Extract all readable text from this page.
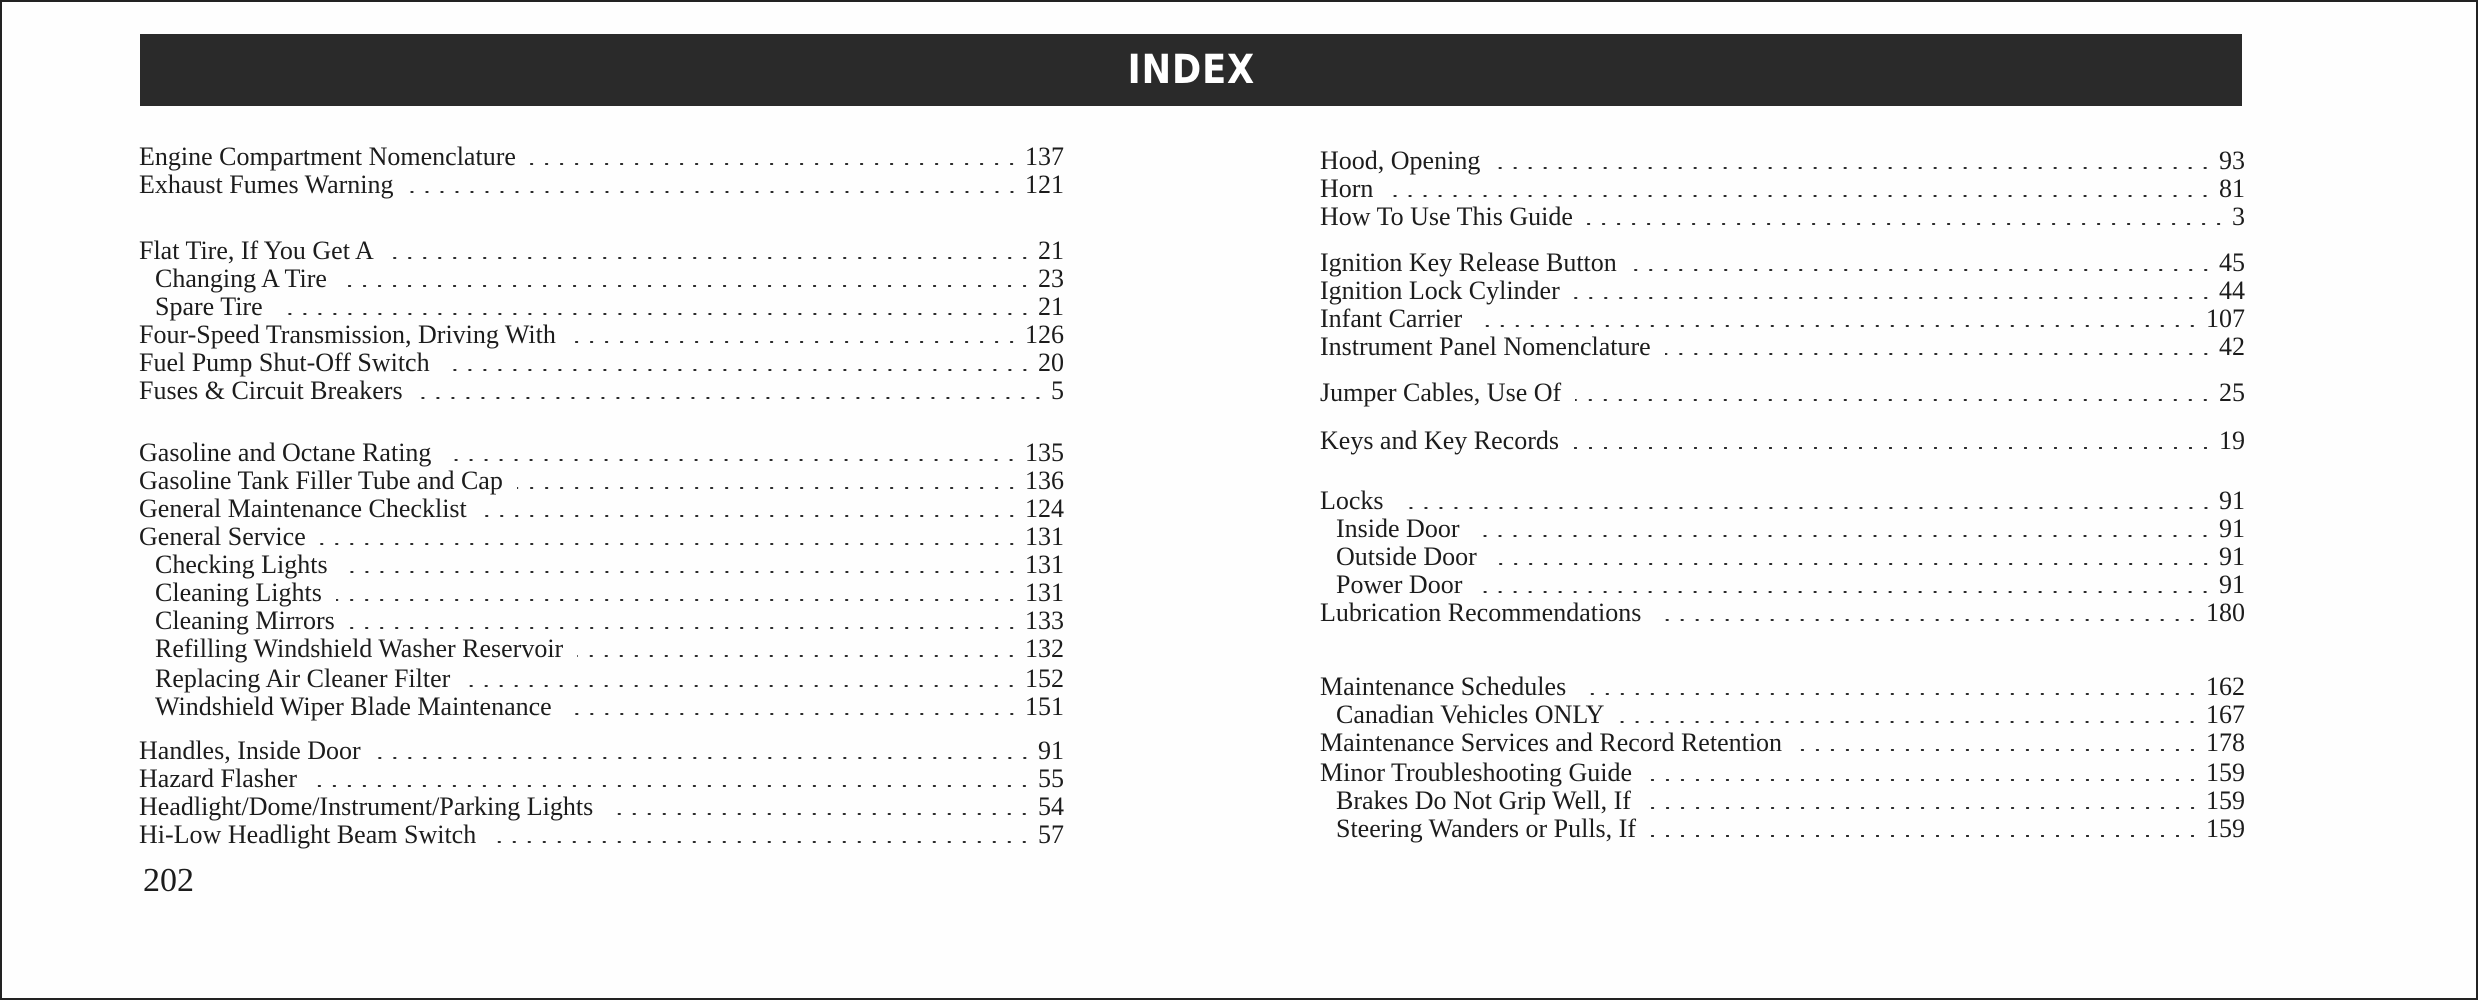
INDEX
Engine Compartment Nomenclature	137
Exhaust Fumes Warning	121
Flat Tire, If You Get A	21
Changing A Tire	23
Spare Tire	21
Four-Speed Transmission, Driving With	126
Fuel Pump Shut-Off Switch	20
Fuses & Circuit Breakers	5
Gasoline and Octane Rating	135
Gasoline Tank Filler Tube and Cap	136
General Maintenance Checklist	124
General Service	131
Checking Lights	131
Cleaning Lights	131
Cleaning Mirrors	133
Refilling Windshield Washer Reservoir	132
Replacing Air Cleaner Filter	152
Windshield Wiper Blade Maintenance	151
Handles, Inside Door	91
Hazard Flasher	55
Headlight/Dome/Instrument/Parking Lights	54
Hi-Low Headlight Beam Switch	57
Hood, Opening	93
Horn	81
How To Use This Guide	3
Ignition Key Release Button	45
Ignition Lock Cylinder	44
Infant Carrier	107
Instrument Panel Nomenclature	42
Jumper Cables, Use Of	25
Keys and Key Records	19
Locks	91
Inside Door	91
Outside Door	91
Power Door	91
Lubrication Recommendations	180
Maintenance Schedules	162
Canadian Vehicles ONLY	167
Maintenance Services and Record Retention	178
Minor Troubleshooting Guide	159
Brakes Do Not Grip Well, If	159
Steering Wanders or Pulls, If	159
202
